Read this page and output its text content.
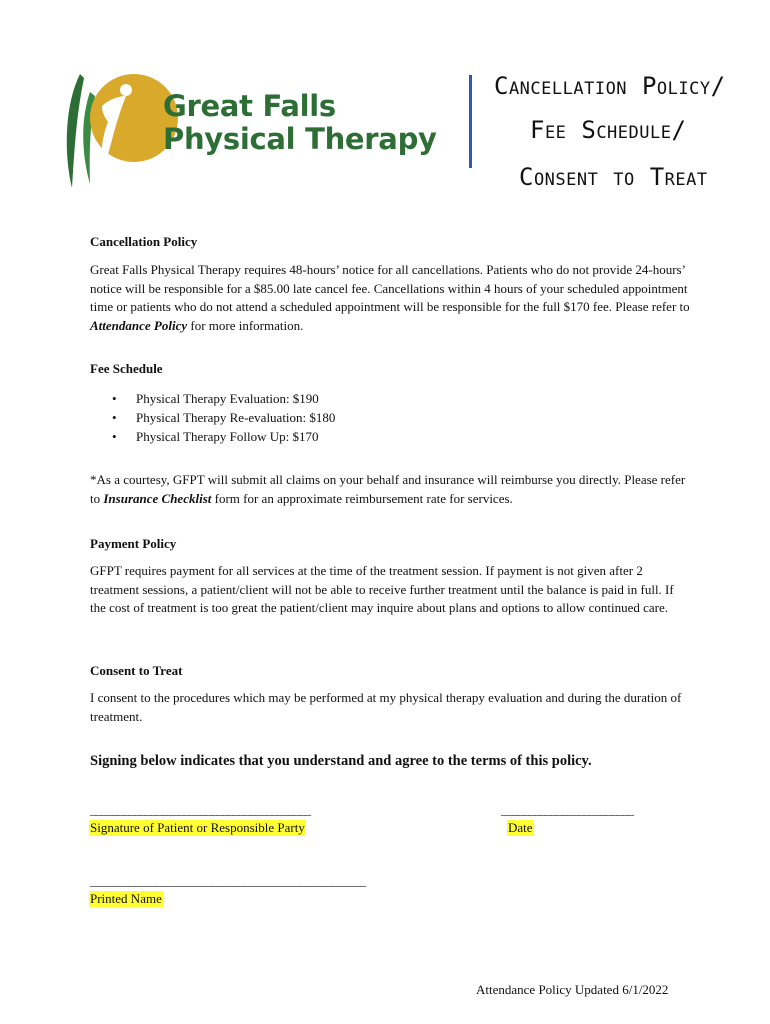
Great Falls
Physical Therapy
Cancellation Policy/
Fee Schedule/
Consent to Treat
Cancellation Policy
Great Falls Physical Therapy requires 48-hours’ notice for all cancellations. Patients who do not provide 24-hours’ notice will be responsible for a $85.00 late cancel fee. Cancellations within 4 hours of your scheduled appointment time or patients who do not attend a scheduled appointment will be responsible for the full $170 fee. Please refer to Attendance Policy for more information.
Fee Schedule
• Physical Therapy Evaluation: $190
• Physical Therapy Re-evaluation: $180
• Physical Therapy Follow Up: $170
*As a courtesy, GFPT will submit all claims on your behalf and insurance will reimburse you directly. Please refer to Insurance Checklist form for an approximate reimbursement rate for services.
Payment Policy
GFPT requires payment for all services at the time of the treatment session. If payment is not given after 2 treatment sessions, a patient/client will not be able to receive further treatment until the balance is paid in full. If the cost of treatment is too great the patient/client may inquire about plans and options to allow continued care.
Consent to Treat
I consent to the procedures which may be performed at my physical therapy evaluation and during the duration of treatment.
Signing below indicates that you understand and agree to the terms of this policy.
________________________________________
Signature of Patient or Responsible Party
________________________
Date
__________________________________________________
Printed Name
Attendance Policy Updated 6/1/2022
